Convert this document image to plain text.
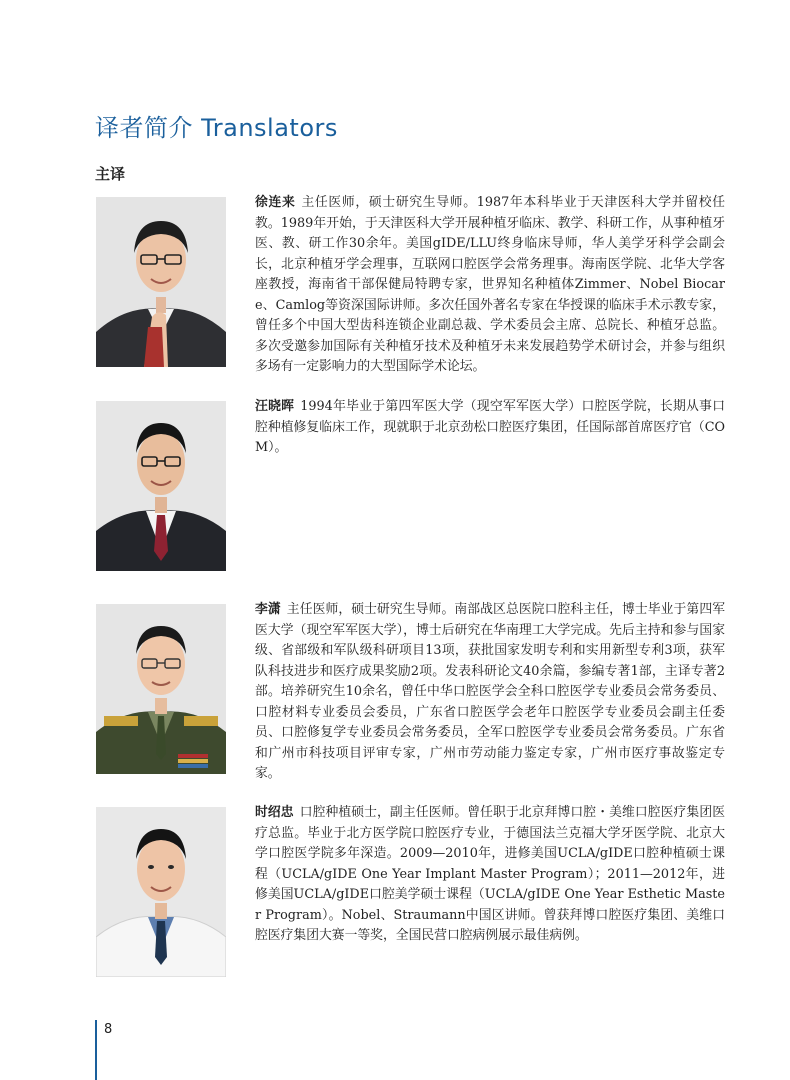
译者简介 Translators
主译
徐连来 主任医师，硕士研究生导师。1987年本科毕业于天津医科大学并留校任教。1989年开始，于天津医科大学开展种植牙临床、教学、科研工作，从事种植牙医、教、研工作30余年。美国gIDE/LLU终身临床导师，华人美学牙科学会副会长，北京种植牙学会理事，互联网口腔医学会常务理事。海南医学院、北华大学客座教授，海南省干部保健局特聘专家，世界知名种植体Zimmer、Nobel Biocare、Camlog等资深国际讲师。多次任国外著名专家在华授课的临床手术示教专家，曾任多个中国大型齿科连锁企业副总裁、学术委员会主席、总院长、种植牙总监。多次受邀参加国际有关种植牙技术及种植牙未来发展趋势学术研讨会，并参与组织多场有一定影响力的大型国际学术论坛。
汪晓晖 1994年毕业于第四军医大学（现空军军医大学）口腔医学院，长期从事口腔种植修复临床工作，现就职于北京劲松口腔医疗集团，任国际部首席医疗官（COM）。
李潇 主任医师，硕士研究生导师。南部战区总医院口腔科主任，博士毕业于第四军医大学（现空军军医大学），博士后研究在华南理工大学完成。先后主持和参与国家级、省部级和军队级科研项目13项，获批国家发明专利和实用新型专利3项，获军队科技进步和医疗成果奖励2项。发表科研论文40余篇，参编专著1部，主译专著2部。培养研究生10余名，曾任中华口腔医学会全科口腔医学专业委员会常务委员、口腔材料专业委员会委员，广东省口腔医学会老年口腔医学专业委员会副主任委员、口腔修复学专业委员会常务委员，全军口腔医学专业委员会常务委员。广东省和广州市科技项目评审专家，广州市劳动能力鉴定专家，广州市医疗事故鉴定专家。
时绍忠 口腔种植硕士，副主任医师。曾任职于北京拜博口腔・美维口腔医疗集团医疗总监。毕业于北方医学院口腔医疗专业，于德国法兰克福大学牙医学院、北京大学口腔医学院多年深造。2009—2010年，进修美国UCLA/gIDE口腔种植硕士课程（UCLA/gIDE One Year Implant Master Program）；2011—2012年，进修美国UCLA/gIDE口腔美学硕士课程（UCLA/gIDE One Year Esthetic Master Program）。Nobel、Straumann中国区讲师。曾获拜博口腔医疗集团、美维口腔医疗集团大赛一等奖，全国民营口腔病例展示最佳病例。
8
